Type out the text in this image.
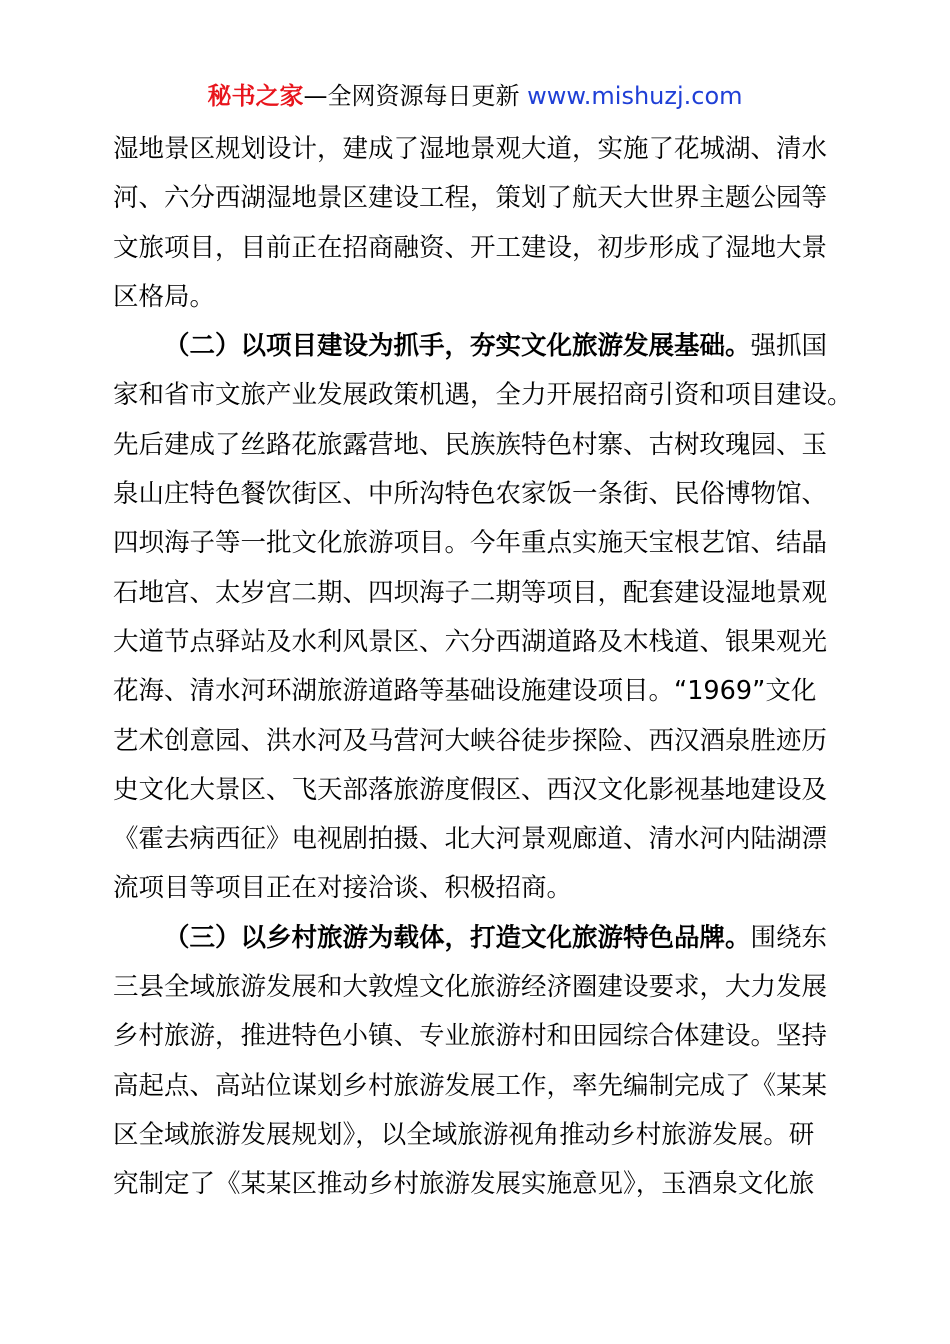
秘书之家—全网资源每日更新 www.mishuzj.com
湿地景区规划设计，建成了湿地景观大道，实施了花城湖、清水
河、六分西湖湿地景区建设工程，策划了航天大世界主题公园等
文旅项目，目前正在招商融资、开工建设，初步形成了湿地大景
区格局。
（二）以项目建设为抓手，夯实文化旅游发展基础。强抓国
家和省市文旅产业发展政策机遇，全力开展招商引资和项目建设。
先后建成了丝路花旅露营地、民族族特色村寨、古树玫瑰园、玉
泉山庄特色餐饮街区、中所沟特色农家饭一条街、民俗博物馆、
四坝海子等一批文化旅游项目。今年重点实施天宝根艺馆、结晶
石地宫、太岁宫二期、四坝海子二期等项目，配套建设湿地景观
大道节点驿站及水利风景区、六分西湖道路及木栈道、银果观光
花海、清水河环湖旅游道路等基础设施建设项目。“1969”文化
艺术创意园、洪水河及马营河大峡谷徒步探险、西汉酒泉胜迹历
史文化大景区、飞天部落旅游度假区、西汉文化影视基地建设及
《霍去病西征》电视剧拍摄、北大河景观廊道、清水河内陆湖漂
流项目等项目正在对接洽谈、积极招商。
（三）以乡村旅游为载体，打造文化旅游特色品牌。围绕东
三县全域旅游发展和大敦煌文化旅游经济圈建设要求，大力发展
乡村旅游，推进特色小镇、专业旅游村和田园综合体建设。坚持
高起点、高站位谋划乡村旅游发展工作，率先编制完成了《某某
区全域旅游发展规划》，以全域旅游视角推动乡村旅游发展。研
究制定了《某某区推动乡村旅游发展实施意见》，玉酒泉文化旅
